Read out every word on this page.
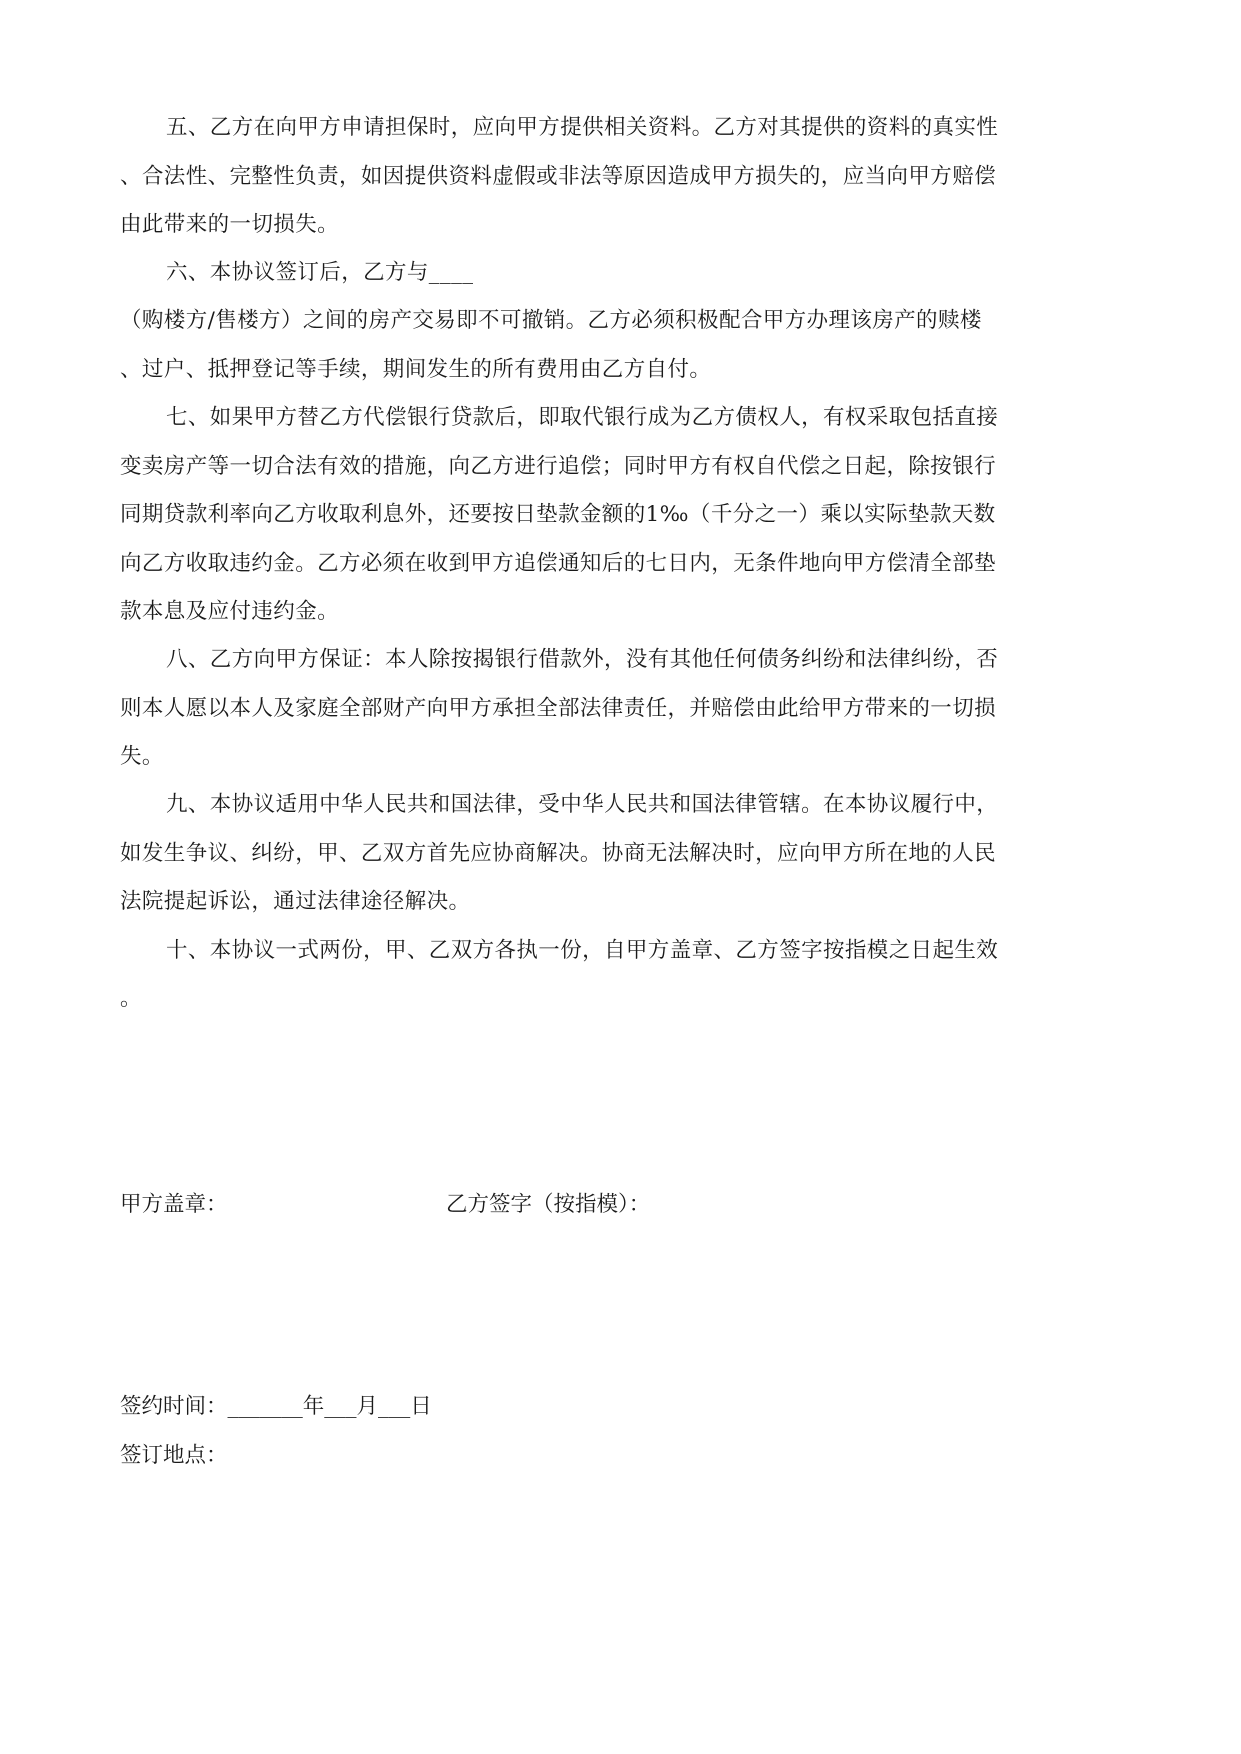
五、乙方在向甲方申请担保时，应向甲方提供相关资料。乙方对其提供的资料的真实性
、合法性、完整性负责，如因提供资料虚假或非法等原因造成甲方损失的，应当向甲方赔偿
由此带来的一切损失。
六、本协议签订后，乙方与____
（购楼方/售楼方）之间的房产交易即不可撤销。乙方必须积极配合甲方办理该房产的赎楼
、过户、抵押登记等手续，期间发生的所有费用由乙方自付。
七、如果甲方替乙方代偿银行贷款后，即取代银行成为乙方债权人，有权采取包括直接
变卖房产等一切合法有效的措施，向乙方进行追偿；同时甲方有权自代偿之日起，除按银行
同期贷款利率向乙方收取利息外，还要按日垫款金额的1‰（千分之一）乘以实际垫款天数
向乙方收取违约金。乙方必须在收到甲方追偿通知后的七日内，无条件地向甲方偿清全部垫
款本息及应付违约金。
八、乙方向甲方保证：本人除按揭银行借款外，没有其他任何债务纠纷和法律纠纷，否
则本人愿以本人及家庭全部财产向甲方承担全部法律责任，并赔偿由此给甲方带来的一切损
失。
九、本协议适用中华人民共和国法律，受中华人民共和国法律管辖。在本协议履行中，
如发生争议、纠纷，甲、乙双方首先应协商解决。协商无法解决时，应向甲方所在地的人民
法院提起诉讼，通过法律途径解决。
十、本协议一式两份，甲、乙双方各执一份，自甲方盖章、乙方签字按指模之日起生效
。
甲方盖章：	乙方签字（按指模）：
签约时间：_______年___月___日
签订地点：
